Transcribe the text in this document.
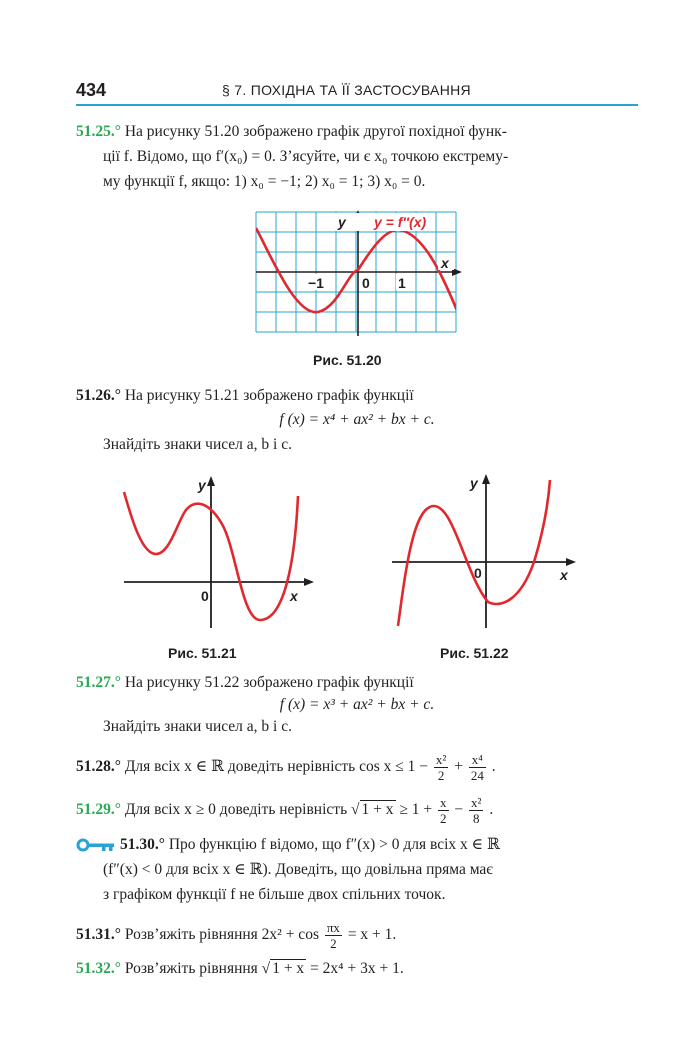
434	§ 7. ПОХІДНА ТА ЇЇ ЗАСТОСУВАННЯ
51.25.° На рисунку 51.20 зображено графік другої похідної функ-
ції f. Відомо, що f′(x₀) = 0. З’ясуйте, чи є x₀ точкою екстрему-
му функції f, якщо: 1) x₀ = −1; 2) x₀ = 1; 3) x₀ = 0.
y y = f″(x)
x
−1	0 1
Рис. 51.20
51.26.° На рисунку 51.21 зображено графік функції
f (x) = x⁴ + ax² + bx + c.
Знайдіть знаки чисел a, b і c.
y
x
0
Рис. 51.21
y
x
0
Рис. 51.22
51.27.° На рисунку 51.22 зображено графік функції
f (x) = x³ + ax² + bx + c.
Знайдіть знаки чисел a, b і c.
51.28.° Для всіх x ∈ ℝ доведіть нерівність $\cos x \le 1 - \frac{\text{x²}}{2} + \frac{\text{x⁴}}{24}$ .
51.29.° Для всіх x ≥ 0 доведіть нерівність √ $1 + x \ge 1 + \frac{x}{2} - \frac{\text{x²}}{8}$ .
51.30.° Про функцію f відомо, що f″(x) > 0 для всіх x ∈ ℝ
(f″(x) < 0 для всіх x ∈ ℝ). Доведіть, що довільна пряма має
з графіком функції f не більше двох спільних точок.
51.31.° Розв’яжіть рівняння $2x^2 + \cos \frac{\pi x}{2} = x + 1$.
51.32.° Розв’яжіть рівняння √ 1 + x = 2x⁴ + 3x + 1.
